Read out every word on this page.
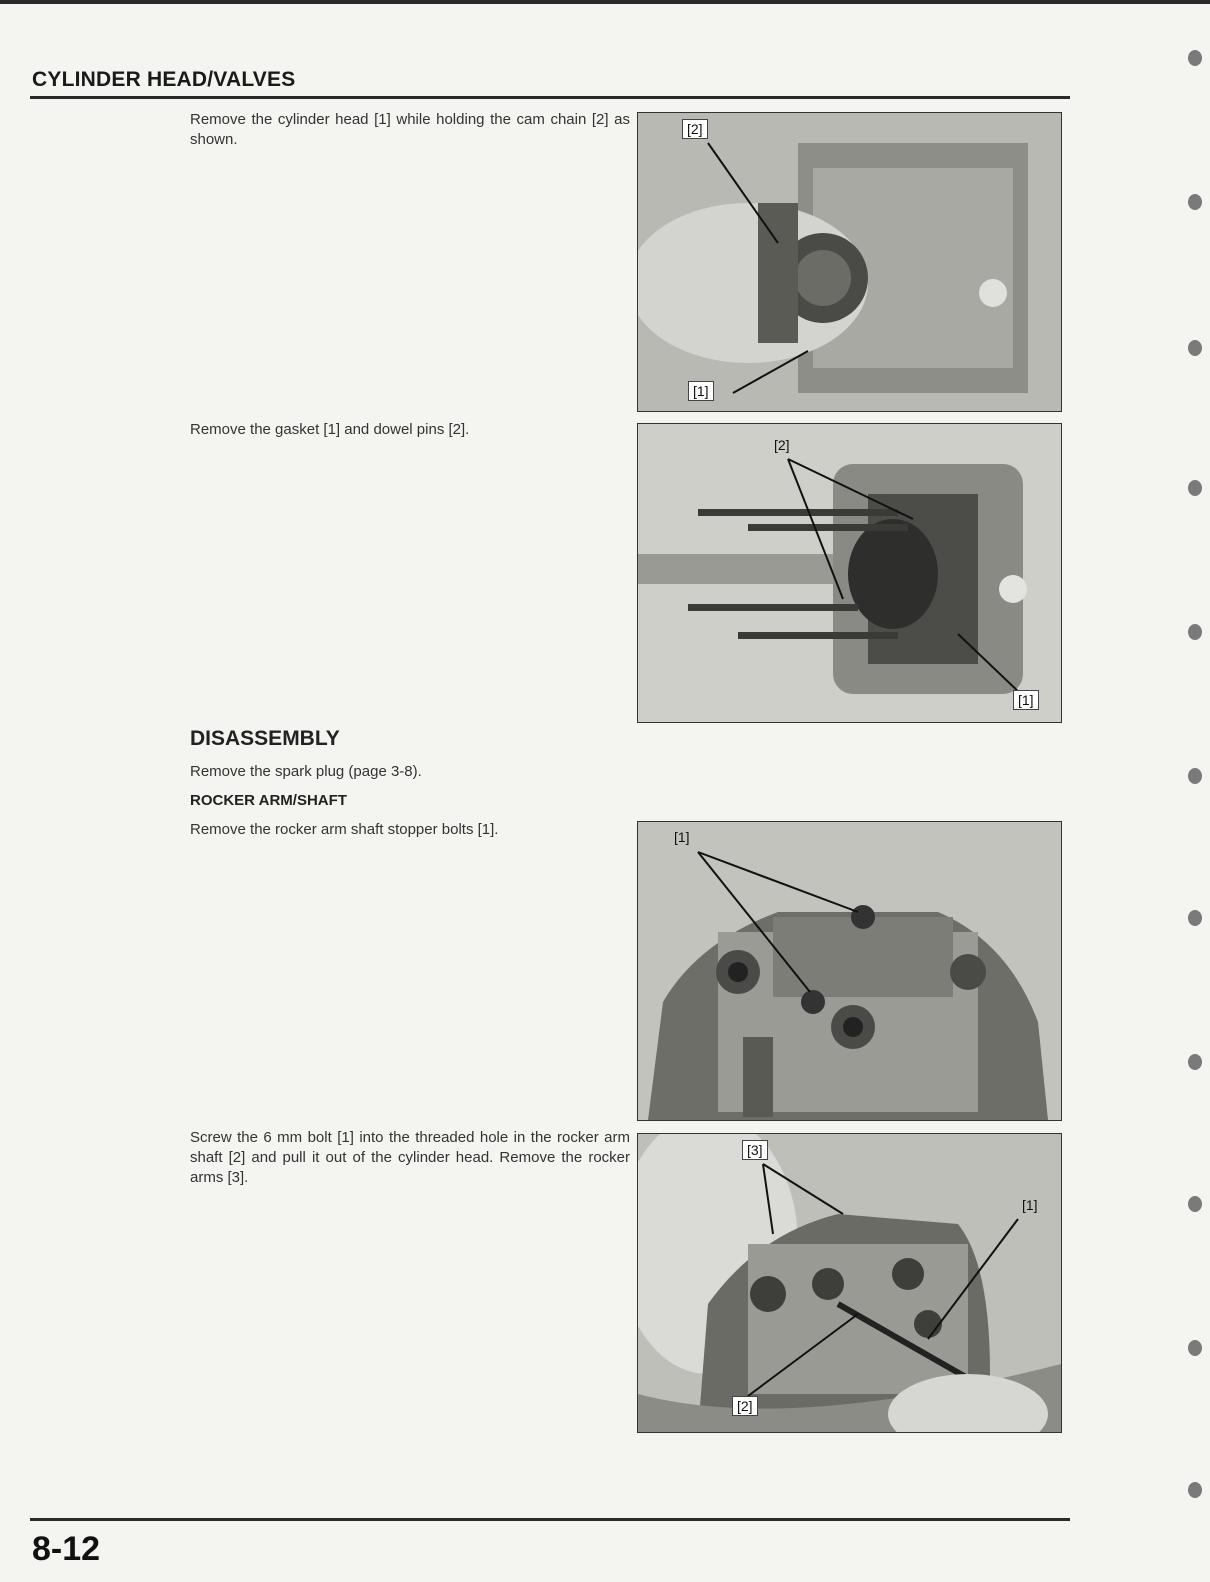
CYLINDER HEAD/VALVES
Remove the cylinder head [1] while holding the cam chain [2] as shown.
[2]
[1]
Remove the gasket [1] and dowel pins [2].
[2]
[1]
DISASSEMBLY
Remove the spark plug (page 3-8).
ROCKER ARM/SHAFT
Remove the rocker arm shaft stopper bolts [1].	[1]
Screw the 6 mm bolt [1] into the threaded hole in the rocker arm shaft [2] and pull it out of the cylinder head. Remove the rocker arms [3].
[3]
[1]
[2]
8-12
